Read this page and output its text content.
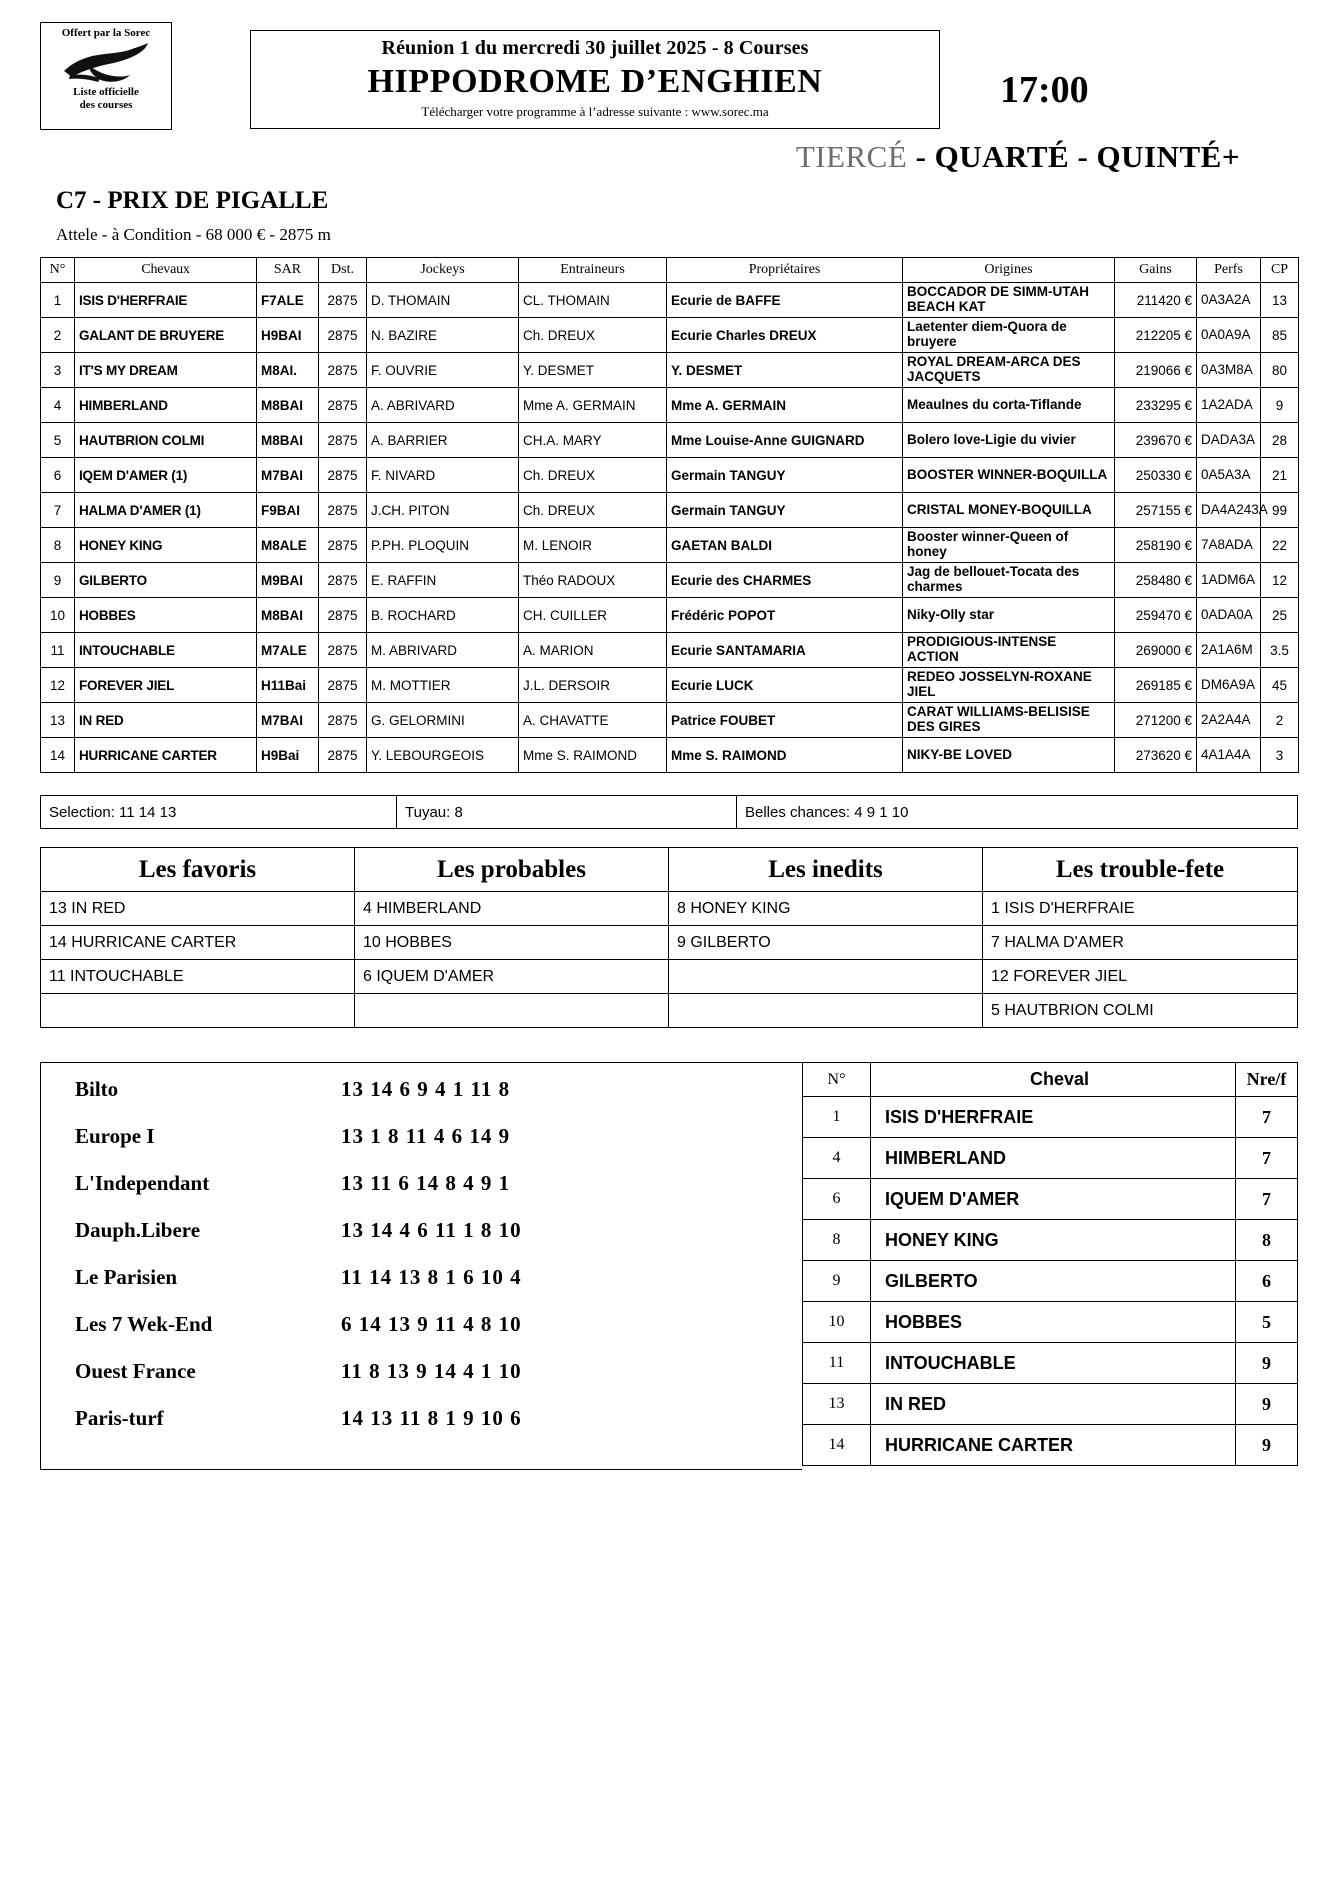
Offert par la Sorec
Liste officielle
des courses
Réunion 1 du mercredi 30 juillet 2025 - 8 Courses
HIPPODROME D’ENGHIEN
Télécharger votre programme à l’adresse suivante : www.sorec.ma
17:00
TIERCÉ - QUARTÉ - QUINTÉ+
C7 - PRIX DE PIGALLE
Attele - à Condition - 68 000 € - 2875 m
N°	Chevaux	SAR	Dst.	Jockeys	Entraineurs	Propriétaires	Origines	Gains	Perfs	CP
1	ISIS D'HERFRAIE	F7ALE	2875	D. THOMAIN	CL. THOMAIN	Ecurie de BAFFE	BOCCADOR DE SIMM-UTAH BEACH KAT	211420 €	0A3A2A	13
2	GALANT DE BRUYERE	H9BAI	2875	N. BAZIRE	Ch. DREUX	Ecurie Charles DREUX	Laetenter diem-Quora de bruyere	212205 €	0A0A9A	85
3	IT'S MY DREAM	M8AI.	2875	F. OUVRIE	Y. DESMET	Y. DESMET	ROYAL DREAM-ARCA DES JACQUETS	219066 €	0A3M8A	80
4	HIMBERLAND	M8BAI	2875	A. ABRIVARD	Mme A. GERMAIN	Mme A. GERMAIN	Meaulnes du corta-Tiflande	233295 €	1A2ADA	9
5	HAUTBRION COLMI	M8BAI	2875	A. BARRIER	CH.A. MARY	Mme Louise-Anne GUIGNARD	Bolero love-Ligie du vivier	239670 €	DADA3A	28
6	IQEM D'AMER (1)	M7BAI	2875	F. NIVARD	Ch. DREUX	Germain TANGUY	BOOSTER WINNER-BOQUILLA	250330 €	0A5A3A	21
7	HALMA D'AMER (1)	F9BAI	2875	J.CH. PITON	Ch. DREUX	Germain TANGUY	CRISTAL MONEY-BOQUILLA	257155 €	DA4A243A	99
8	HONEY KING	M8ALE	2875	P.PH. PLOQUIN	M. LENOIR	GAETAN BALDI	Booster winner-Queen of honey	258190 €	7A8ADA	22
9	GILBERTO	M9BAI	2875	E. RAFFIN	Théo RADOUX	Ecurie des CHARMES	Jag de bellouet-Tocata des charmes	258480 €	1ADM6A	12
10	HOBBES	M8BAI	2875	B. ROCHARD	CH. CUILLER	Frédéric POPOT	Niky-Olly star	259470 €	0ADA0A	25
11	INTOUCHABLE	M7ALE	2875	M. ABRIVARD	A. MARION	Ecurie SANTAMARIA	PRODIGIOUS-INTENSE ACTION	269000 €	2A1A6M	3.5
12	FOREVER JIEL	H11Bai	2875	M. MOTTIER	J.L. DERSOIR	Ecurie LUCK	REDEO JOSSELYN-ROXANE JIEL	269185 €	DM6A9A	45
13	IN RED	M7BAI	2875	G. GELORMINI	A. CHAVATTE	Patrice FOUBET	CARAT WILLIAMS-BELISISE DES GIRES	271200 €	2A2A4A	2
14	HURRICANE CARTER	H9Bai	2875	Y. LEBOURGEOIS	Mme S. RAIMOND	Mme S. RAIMOND	NIKY-BE LOVED	273620 €	4A1A4A	3
Selection: 11 14 13	Tuyau: 8	Belles chances: 4 9 1 10
Les favoris	Les probables	Les inedits	Les trouble-fete
13 IN RED	4 HIMBERLAND	8 HONEY KING	1 ISIS D'HERFRAIE
14 HURRICANE CARTER	10 HOBBES	9 GILBERTO	7 HALMA D'AMER
11 INTOUCHABLE	6 IQUEM D'AMER		12 FOREVER JIEL
			5 HAUTBRION COLMI
Bilto	13 14 6 9 4 1 11 8
Europe I	13 1 8 11 4 6 14 9
L'Independant	13 11 6 14 8 4 9 1
Dauph.Libere	13 14 4 6 11 1 8 10
Le Parisien	11 14 13 8 1 6 10 4
Les 7 Wek-End	6 14 13 9 11 4 8 10
Ouest France	11 8 13 9 14 4 1 10
Paris-turf	14 13 11 8 1 9 10 6
N°	Cheval	Nre/f
1	ISIS D'HERFRAIE	7
4	HIMBERLAND	7
6	IQUEM D'AMER	7
8	HONEY KING	8
9	GILBERTO	6
10	HOBBES	5
11	INTOUCHABLE	9
13	IN RED	9
14	HURRICANE CARTER	9
